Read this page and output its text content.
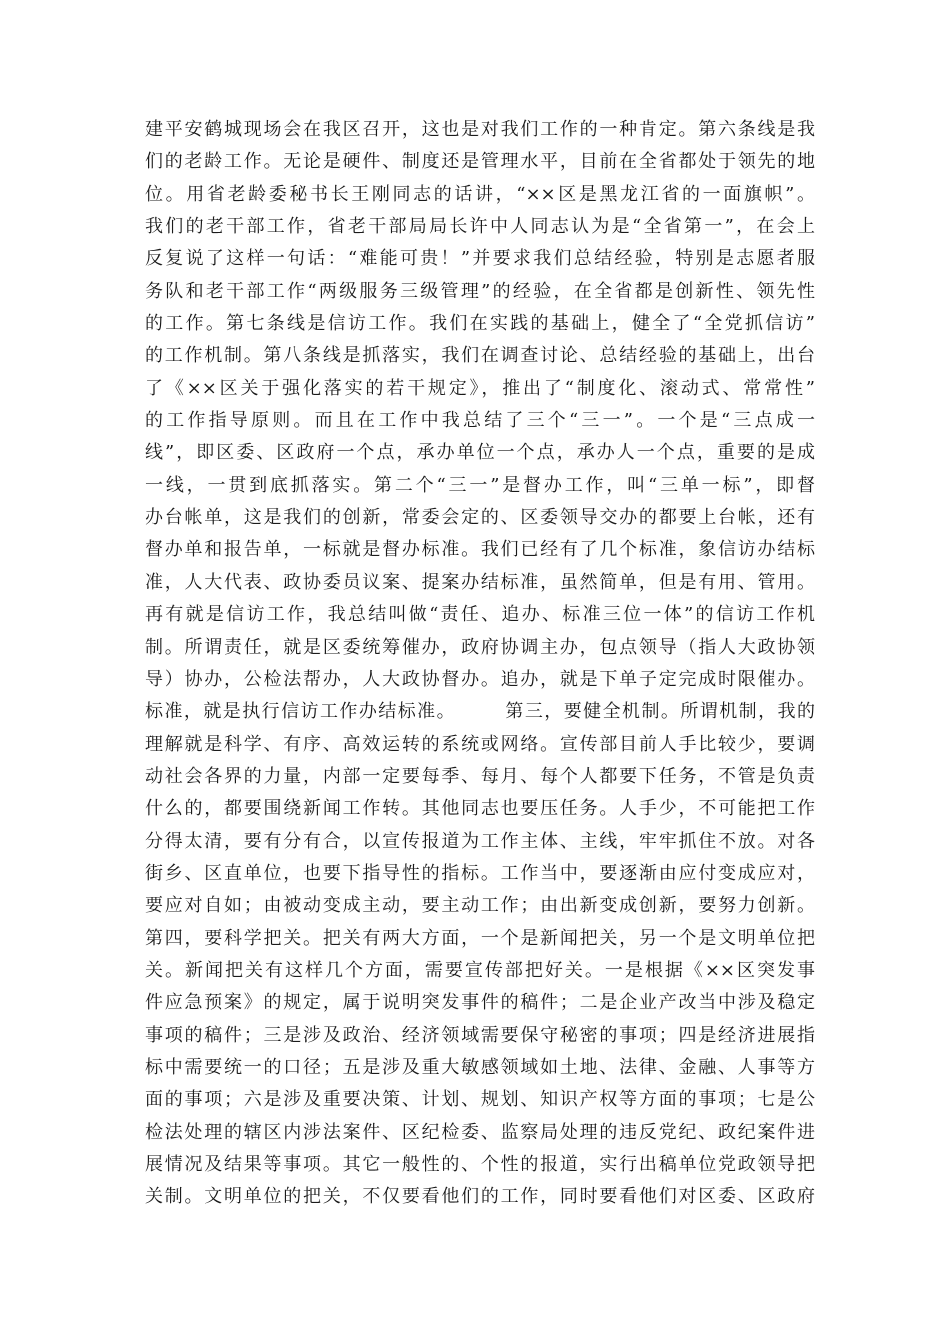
建平安鹤城现场会在我区召开，这也是对我们工作的一种肯定。第六条线是我
们的老龄工作。无论是硬件、制度还是管理水平，目前在全省都处于领先的地
位。用省老龄委秘书长王刚同志的话讲，“××区是黑龙江省的一面旗帜”。
我们的老干部工作，省老干部局局长许中人同志认为是“全省第一”，在会上
反复说了这样一句话：“难能可贵！”并要求我们总结经验，特别是志愿者服
务队和老干部工作“两级服务三级管理”的经验，在全省都是创新性、领先性
的工作。第七条线是信访工作。我们在实践的基础上，健全了“全党抓信访”
的工作机制。第八条线是抓落实，我们在调查讨论、总结经验的基础上，出台
了《××区关于强化落实的若干规定》，推出了“制度化、滚动式、常常性”
的工作指导原则。而且在工作中我总结了三个“三一”。一个是“三点成一
线”，即区委、区政府一个点，承办单位一个点，承办人一个点，重要的是成
一线，一贯到底抓落实。第二个“三一”是督办工作，叫“三单一标”，即督
办台帐单，这是我们的创新，常委会定的、区委领导交办的都要上台帐，还有
督办单和报告单，一标就是督办标准。我们已经有了几个标准，象信访办结标
准，人大代表、政协委员议案、提案办结标准，虽然简单，但是有用、管用。
再有就是信访工作，我总结叫做“责任、追办、标准三位一体”的信访工作机
制。所谓责任，就是区委统筹催办，政府协调主办，包点领导（指人大政协领
导）协办，公检法帮办，人大政协督办。追办，就是下单子定完成时限催办。
标准，就是执行信访工作办结标准。　　　第三，要健全机制。所谓机制，我的
理解就是科学、有序、高效运转的系统或网络。宣传部目前人手比较少，要调
动社会各界的力量，内部一定要每季、每月、每个人都要下任务，不管是负责
什么的，都要围绕新闻工作转。其他同志也要压任务。人手少，不可能把工作
分得太清，要有分有合，以宣传报道为工作主体、主线，牢牢抓住不放。对各
街乡、区直单位，也要下指导性的指标。工作当中，要逐渐由应付变成应对，
要应对自如；由被动变成主动，要主动工作；由出新变成创新，要努力创新。
第四，要科学把关。把关有两大方面，一个是新闻把关，另一个是文明单位把
关。新闻把关有这样几个方面，需要宣传部把好关。一是根据《××区突发事
件应急预案》的规定，属于说明突发事件的稿件；二是企业产改当中涉及稳定
事项的稿件；三是涉及政治、经济领域需要保守秘密的事项；四是经济进展指
标中需要统一的口径；五是涉及重大敏感领域如土地、法律、金融、人事等方
面的事项；六是涉及重要决策、计划、规划、知识产权等方面的事项；七是公
检法处理的辖区内涉法案件、区纪检委、监察局处理的违反党纪、政纪案件进
展情况及结果等事项。其它一般性的、个性的报道，实行出稿单位党政领导把
关制。文明单位的把关，不仅要看他们的工作，同时要看他们对区委、区政府
